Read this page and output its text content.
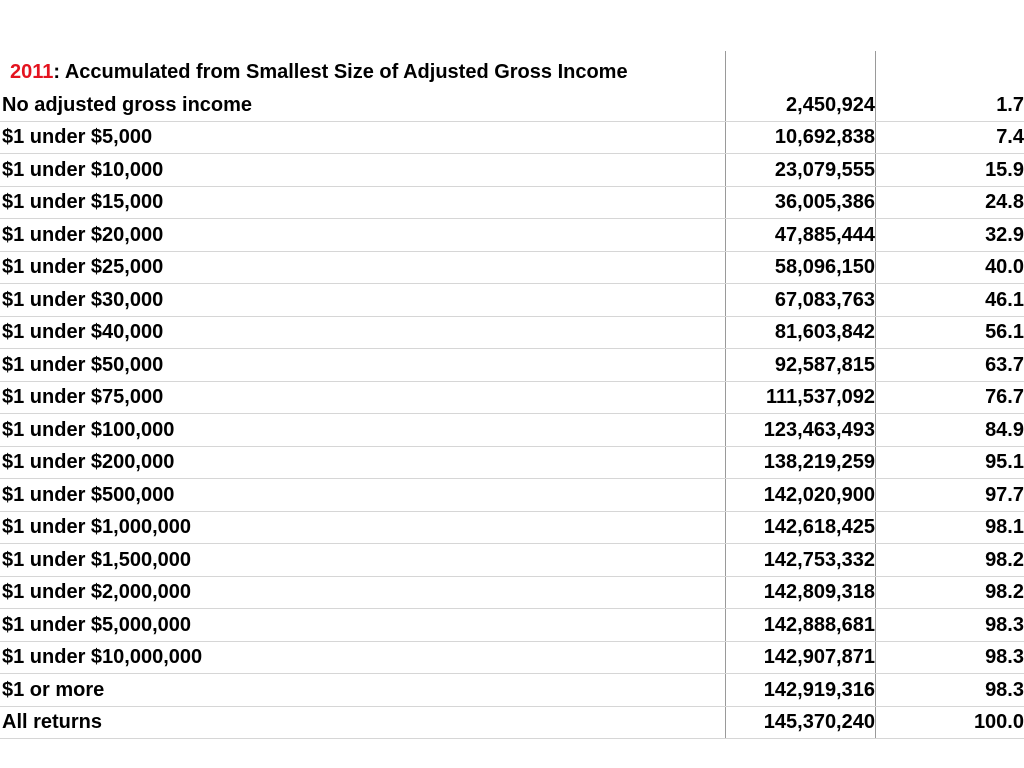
2011 : Accumulated from Smallest Size of Adjusted Gross Income
No adjusted gross income	2,450,924	1.7
$1 under $5,000	10,692,838	7.4
$1 under $10,000	23,079,555	15.9
$1 under $15,000	36,005,386	24.8
$1 under $20,000	47,885,444	32.9
$1 under $25,000	58,096,150	40.0
$1 under $30,000	67,083,763	46.1
$1 under $40,000	81,603,842	56.1
$1 under $50,000	92,587,815	63.7
$1 under $75,000	111,537,092	76.7
$1 under $100,000	123,463,493	84.9
$1 under $200,000	138,219,259	95.1
$1 under $500,000	142,020,900	97.7
$1 under $1,000,000	142,618,425	98.1
$1 under $1,500,000	142,753,332	98.2
$1 under $2,000,000	142,809,318	98.2
$1 under $5,000,000	142,888,681	98.3
$1 under $10,000,000	142,907,871	98.3
$1 or more	142,919,316	98.3
All returns	145,370,240	100.0
